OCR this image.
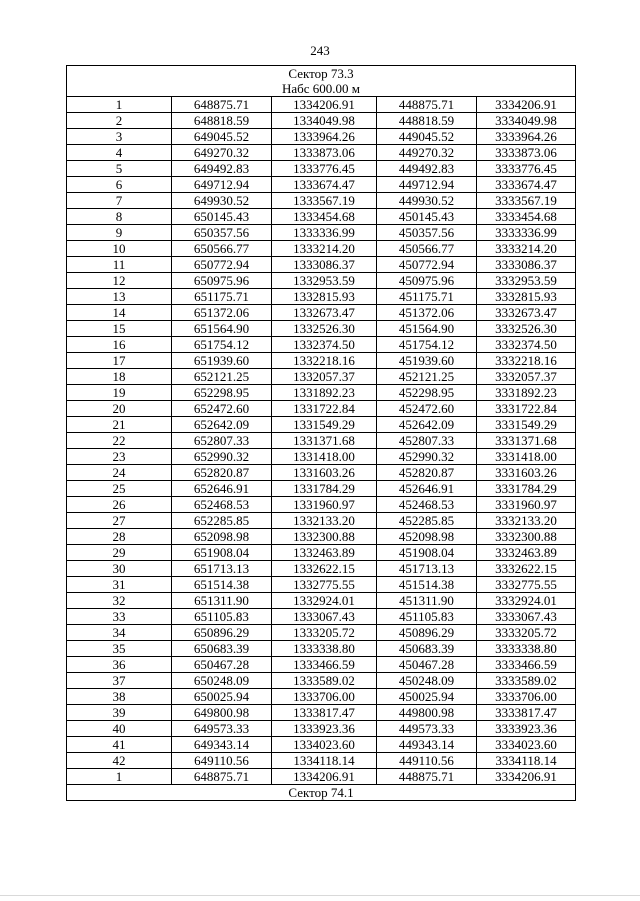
243
Сектор 73.3				
Набс 600.00 м				
1	648875.71	1334206.91	448875.71	3334206.91
2	648818.59	1334049.98	448818.59	3334049.98
3	649045.52	1333964.26	449045.52	3333964.26
4	649270.32	1333873.06	449270.32	3333873.06
5	649492.83	1333776.45	449492.83	3333776.45
6	649712.94	1333674.47	449712.94	3333674.47
7	649930.52	1333567.19	449930.52	3333567.19
8	650145.43	1333454.68	450145.43	3333454.68
9	650357.56	1333336.99	450357.56	3333336.99
10	650566.77	1333214.20	450566.77	3333214.20
11	650772.94	1333086.37	450772.94	3333086.37
12	650975.96	1332953.59	450975.96	3332953.59
13	651175.71	1332815.93	451175.71	3332815.93
14	651372.06	1332673.47	451372.06	3332673.47
15	651564.90	1332526.30	451564.90	3332526.30
16	651754.12	1332374.50	451754.12	3332374.50
17	651939.60	1332218.16	451939.60	3332218.16
18	652121.25	1332057.37	452121.25	3332057.37
19	652298.95	1331892.23	452298.95	3331892.23
20	652472.60	1331722.84	452472.60	3331722.84
21	652642.09	1331549.29	452642.09	3331549.29
22	652807.33	1331371.68	452807.33	3331371.68
23	652990.32	1331418.00	452990.32	3331418.00
24	652820.87	1331603.26	452820.87	3331603.26
25	652646.91	1331784.29	452646.91	3331784.29
26	652468.53	1331960.97	452468.53	3331960.97
27	652285.85	1332133.20	452285.85	3332133.20
28	652098.98	1332300.88	452098.98	3332300.88
29	651908.04	1332463.89	451908.04	3332463.89
30	651713.13	1332622.15	451713.13	3332622.15
31	651514.38	1332775.55	451514.38	3332775.55
32	651311.90	1332924.01	451311.90	3332924.01
33	651105.83	1333067.43	451105.83	3333067.43
34	650896.29	1333205.72	450896.29	3333205.72
35	650683.39	1333338.80	450683.39	3333338.80
36	650467.28	1333466.59	450467.28	3333466.59
37	650248.09	1333589.02	450248.09	3333589.02
38	650025.94	1333706.00	450025.94	3333706.00
39	649800.98	1333817.47	449800.98	3333817.47
40	649573.33	1333923.36	449573.33	3333923.36
41	649343.14	1334023.60	449343.14	3334023.60
42	649110.56	1334118.14	449110.56	3334118.14
1	648875.71	1334206.91	448875.71	3334206.91
Сектор 74.1				
